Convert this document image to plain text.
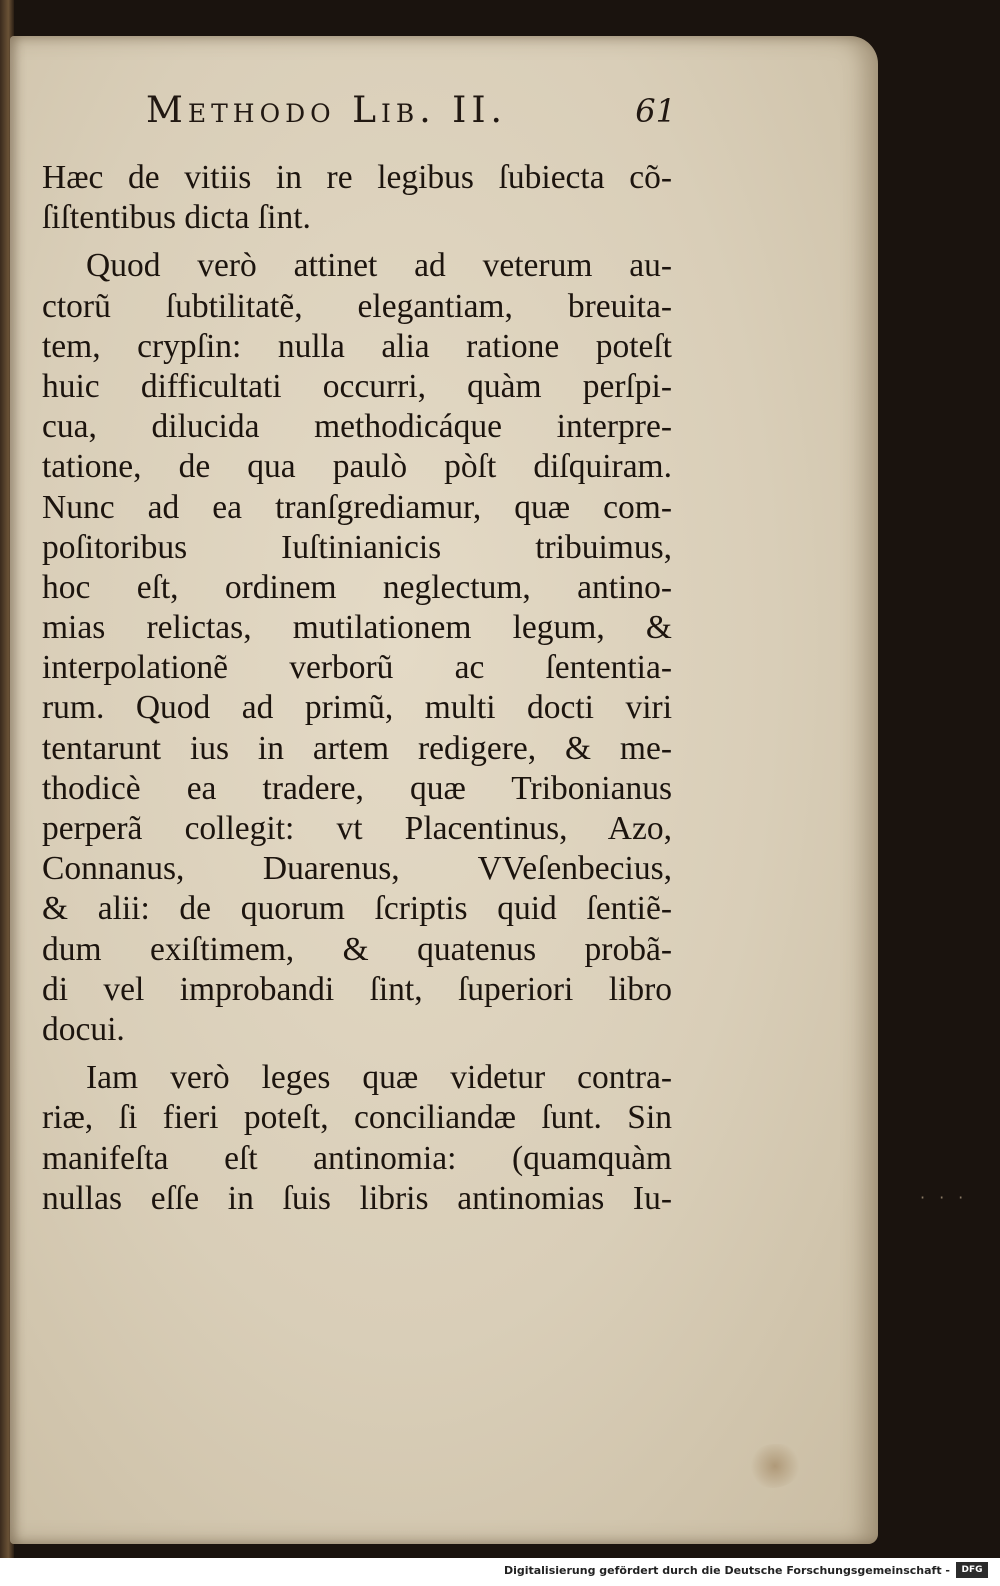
···
Methodo Lib. II.	61
Hæc de vitiis in re legibus ſubiecta cõ-
ſiſtentibus dicta ſint.
Quod verò attinet ad veterum au-
ctorũ ſubtilitatẽ, elegantiam, breuita-
tem, crypſin: nulla alia ratione poteſt
huic difficultati occurri, quàm perſpi-
cua, dilucida methodicáque interpre-
tatione, de qua paulò pòſt diſquiram.
Nunc ad ea tranſgrediamur, quæ com-
poſitoribus Iuſtinianicis tribuimus,
hoc eſt, ordinem neglectum, antino-
mias relictas, mutilationem legum, &
interpolationẽ verborũ ac ſententia-
rum. Quod ad primũ, multi docti viri
tentarunt ius in artem redigere, & me-
thodicè ea tradere, quæ Tribonianus
perperã collegit: vt Placentinus, Azo,
Connanus, Duarenus, VVeſenbecius,
& alii: de quorum ſcriptis quid ſentiẽ-
dum exiſtimem, & quatenus probã-
di vel improbandi ſint, ſuperiori libro
docui.
Iam verò leges quæ videtur contra-
riæ, ſi fieri poteſt, conciliandæ ſunt. Sin
manifeſta eſt antinomia: (quamquàm
nullas eſſe in ſuis libris antinomias Iu-
Digitalisierung gefördert durch die Deutsche Forschungsgemeinschaft -	DFG
